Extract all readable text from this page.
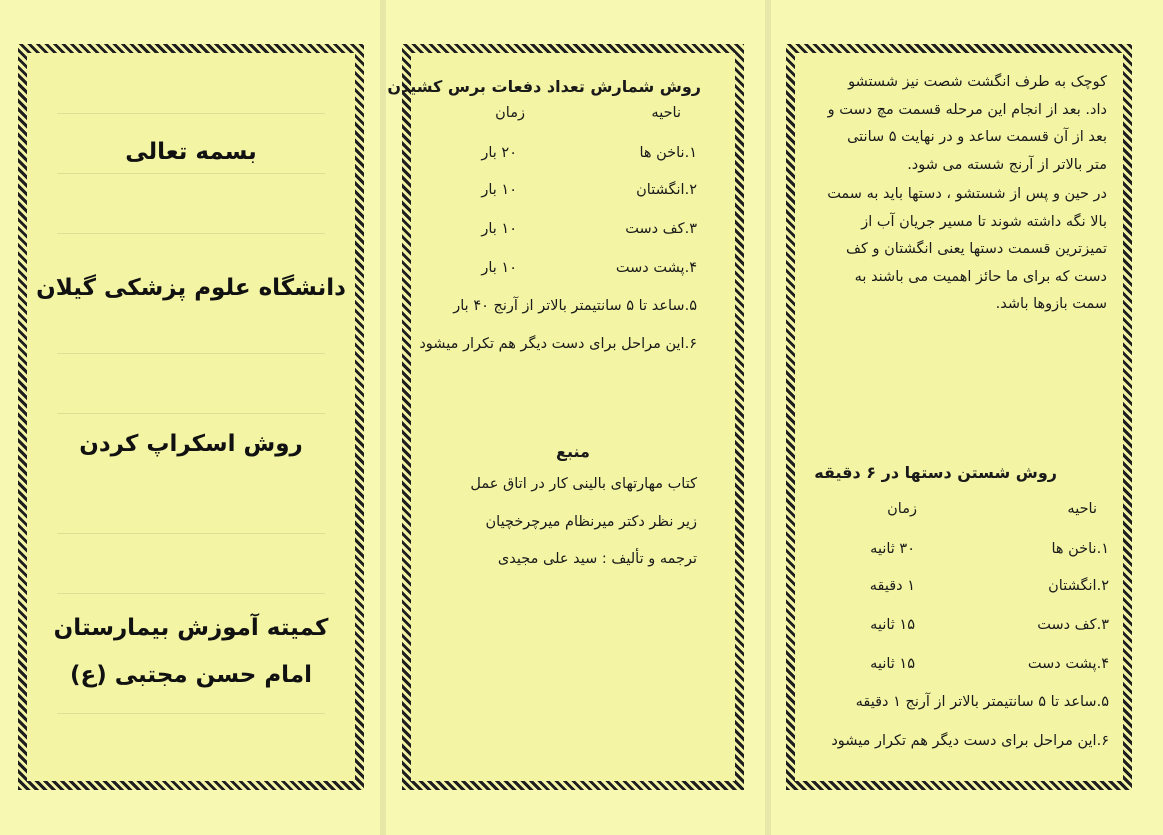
بسمه تعالی
دانشگاه علوم پزشکی گیلان
روش اسکراپ کردن
کمیته آموزش بیمارستان
امام حسن مجتبی (ع)
روش شمارش تعداد دفعات برس کشیدن
ناحیه
زمان
۱.ناخن ها
۲۰ بار
۲.انگشتان
۱۰ بار
۳.کف دست
۱۰ بار
۴.پشت دست
۱۰ بار
۵.ساعد تا ۵ سانتیمتر بالاتر از آرنج ۴۰ بار
۶.این مراحل برای دست دیگر هم تکرار میشود
منبع
کتاب مهارتهای بالینی کار در اتاق عمل
زیر نظر دکتر میرنظام میرچرخچیان
ترجمه و تألیف : سید علی مجیدی

کوچک به طرف انگشت شصت نیز شستشو

داد. بعد از انجام این مرحله قسمت مچ دست و

بعد از آن قسمت ساعد و در نهایت ۵ سانتی

متر بالاتر از آرنج شسته می شود.

در حین و پس از شستشو ، دستها باید به سمت

بالا نگه داشته شوند تا مسیر جریان آب از

تمیزترین قسمت دستها یعنی انگشتان و کف

دست که برای ما حائز اهمیت می باشند به

سمت بازوها باشد.

روش شستن دستها در ۶ دقیقه
ناحیه
زمان
۱.ناخن ها
۳۰ ثانیه
۲.انگشتان
۱ دقیقه
۳.کف دست
۱۵ ثانیه
۴.پشت دست
۱۵ ثانیه
۵.ساعد تا ۵ سانتیمتر بالاتر از آرنج ۱ دقیقه
۶.این مراحل برای دست دیگر هم تکرار میشود
